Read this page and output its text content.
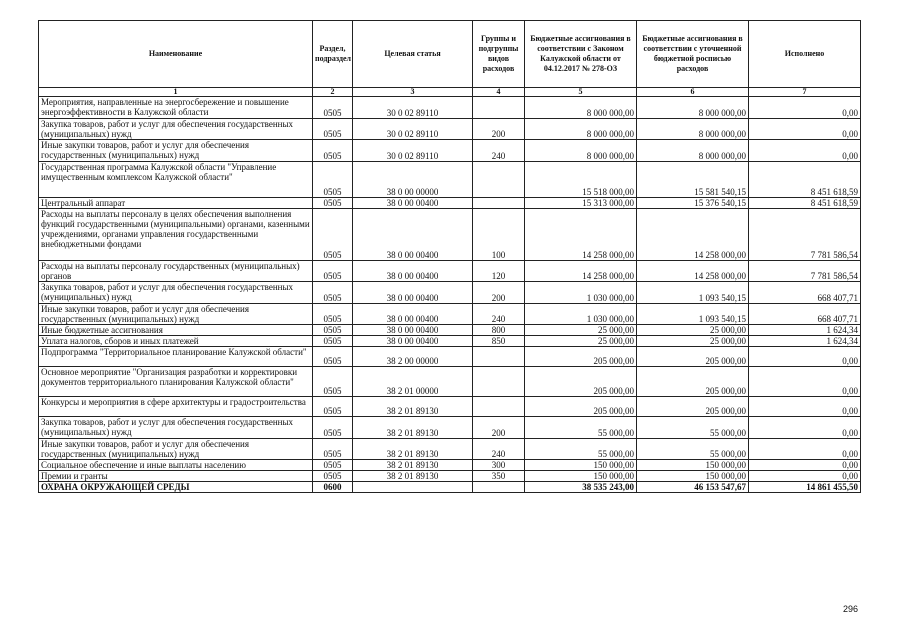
Наименование	Раздел, подраздел	Целевая статья	Группы и подгруппы видов расходов	Бюджетные ассигнования в соответствии с Законом Калужской области от 04.12.2017 № 278-ОЗ	Бюджетные ассигнования в соответствии с уточненной бюджетной росписью расходов	Исполнено
1	2	3	4	5	6	7
Мероприятия, направленные на энергосбережение и повышение энергоэффективности в Калужской области	0505	30 0 02 89110		8 000 000,00	8 000 000,00	0,00
Закупка товаров, работ и услуг для обеспечения государственных (муниципальных) нужд	0505	30 0 02 89110	200	8 000 000,00	8 000 000,00	0,00
Иные закупки товаров, работ и услуг для обеспечения государственных (муниципальных) нужд	0505	30 0 02 89110	240	8 000 000,00	8 000 000,00	0,00
Государственная программа Калужской области "Управление имущественным комплексом Калужской области"	0505	38 0 00 00000		15 518 000,00	15 581 540,15	8 451 618,59
Центральный аппарат	0505	38 0 00 00400		15 313 000,00	15 376 540,15	8 451 618,59
Расходы на выплаты персоналу в целях обеспечения выполнения функций государственными (муниципальными) органами, казенными учреждениями, органами управления государственными внебюджетными фондами	0505	38 0 00 00400	100	14 258 000,00	14 258 000,00	7 781 586,54
Расходы на выплаты персоналу государственных (муниципальных) органов	0505	38 0 00 00400	120	14 258 000,00	14 258 000,00	7 781 586,54
Закупка товаров, работ и услуг для обеспечения государственных (муниципальных) нужд	0505	38 0 00 00400	200	1 030 000,00	1 093 540,15	668 407,71
Иные закупки товаров, работ и услуг для обеспечения государственных (муниципальных) нужд	0505	38 0 00 00400	240	1 030 000,00	1 093 540,15	668 407,71
Иные бюджетные ассигнования	0505	38 0 00 00400	800	25 000,00	25 000,00	1 624,34
Уплата налогов, сборов и иных платежей	0505	38 0 00 00400	850	25 000,00	25 000,00	1 624,34
Подпрограмма "Территориальное планирование Калужской области"	0505	38 2 00 00000		205 000,00	205 000,00	0,00
Основное мероприятие "Организация разработки и корректировки документов территориального планирования Калужской области"	0505	38 2 01 00000		205 000,00	205 000,00	0,00
Конкурсы и мероприятия в сфере архитектуры и градостроительства	0505	38 2 01 89130		205 000,00	205 000,00	0,00
Закупка товаров, работ и услуг для обеспечения государственных (муниципальных) нужд	0505	38 2 01 89130	200	55 000,00	55 000,00	0,00
Иные закупки товаров, работ и услуг для обеспечения государственных (муниципальных) нужд	0505	38 2 01 89130	240	55 000,00	55 000,00	0,00
Социальное обеспечение и иные выплаты населению	0505	38 2 01 89130	300	150 000,00	150 000,00	0,00
Премии и гранты	0505	38 2 01 89130	350	150 000,00	150 000,00	0,00
ОХРАНА ОКРУЖАЮЩЕЙ СРЕДЫ	0600			38 535 243,00	46 153 547,67	14 861 455,50
296
